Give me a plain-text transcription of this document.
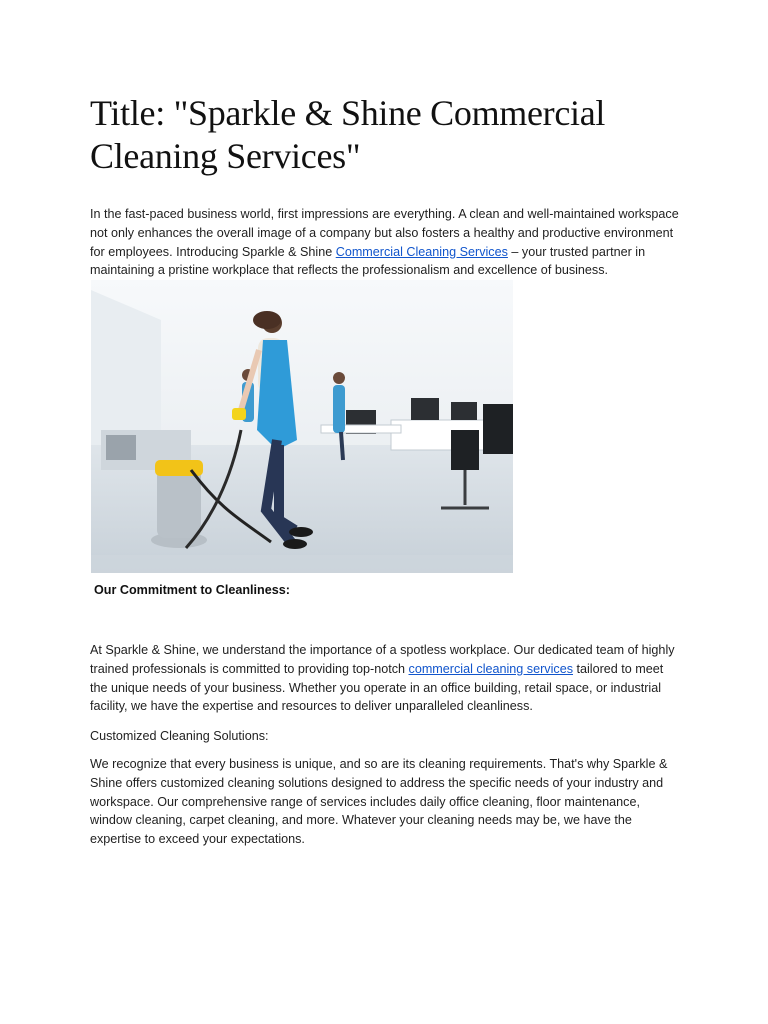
Title: "Sparkle & Shine Commercial Cleaning Services"

In the fast-paced business world, first impressions are everything. A clean and well-maintained workspace not only enhances the overall image of a company but also fosters a healthy and productive environment for employees. Introducing Sparkle & Shine Commercial Cleaning Services – your trusted partner in maintaining a pristine workplace that reflects the professionalism and excellence of business.

Our Commitment to Cleanliness:

At Sparkle & Shine, we understand the importance of a spotless workplace. Our dedicated team of highly trained professionals is committed to providing top-notch commercial cleaning services tailored to meet the unique needs of your business. Whether you operate in an office building, retail space, or industrial facility, we have the expertise and resources to deliver unparalleled cleanliness.

Customized Cleaning Solutions:

We recognize that every business is unique, and so are its cleaning requirements. That's why Sparkle & Shine offers customized cleaning solutions designed to address the specific needs of your industry and workspace. Our comprehensive range of services includes daily office cleaning, floor maintenance, window cleaning, carpet cleaning, and more. Whatever your cleaning needs may be, we have the expertise to exceed your expectations.
